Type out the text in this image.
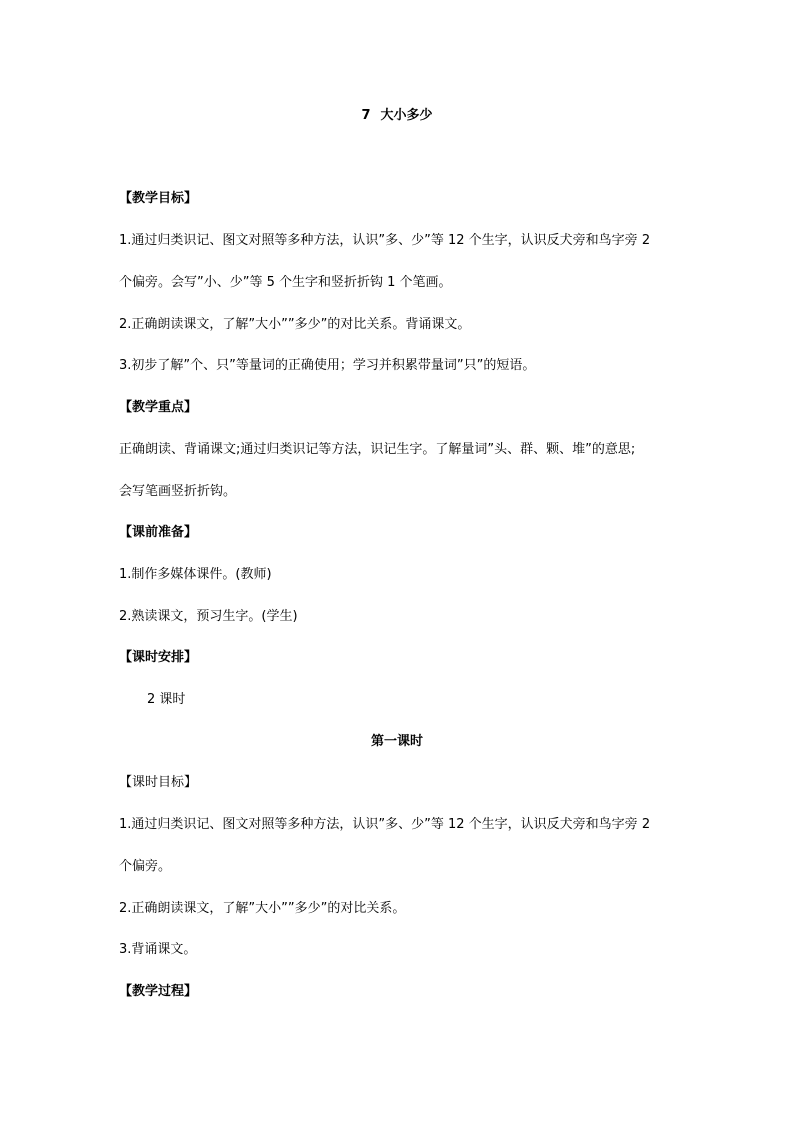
7 大小多少
【教学目标】
1.通过归类识记、图文对照等多种方法，认识”多、少”等 12 个生字，认识反犬旁和鸟字旁 2
个偏旁。会写”小、少”等 5 个生字和竖折折钩 1 个笔画。
2.正确朗读课文，了解”大小””多少”的对比关系。背诵课文。
3.初步了解”个、只”等量词的正确使用；学习并积累带量词”只”的短语。
【教学重点】
正确朗读、背诵课文;通过归类识记等方法，识记生字。了解量词”头、群、颗、堆”的意思;
会写笔画竖折折钩。
【课前准备】
1.制作多媒体课件。(教师)
2.熟读课文，预习生字。(学生)
【课时安排】
2 课时
第一课时
【课时目标】
1.通过归类识记、图文对照等多种方法，认识”多、少”等 12 个生字，认识反犬旁和鸟字旁 2
个偏旁。
2.正确朗读课文，了解”大小””多少”的对比关系。
3.背诵课文。
【教学过程】
